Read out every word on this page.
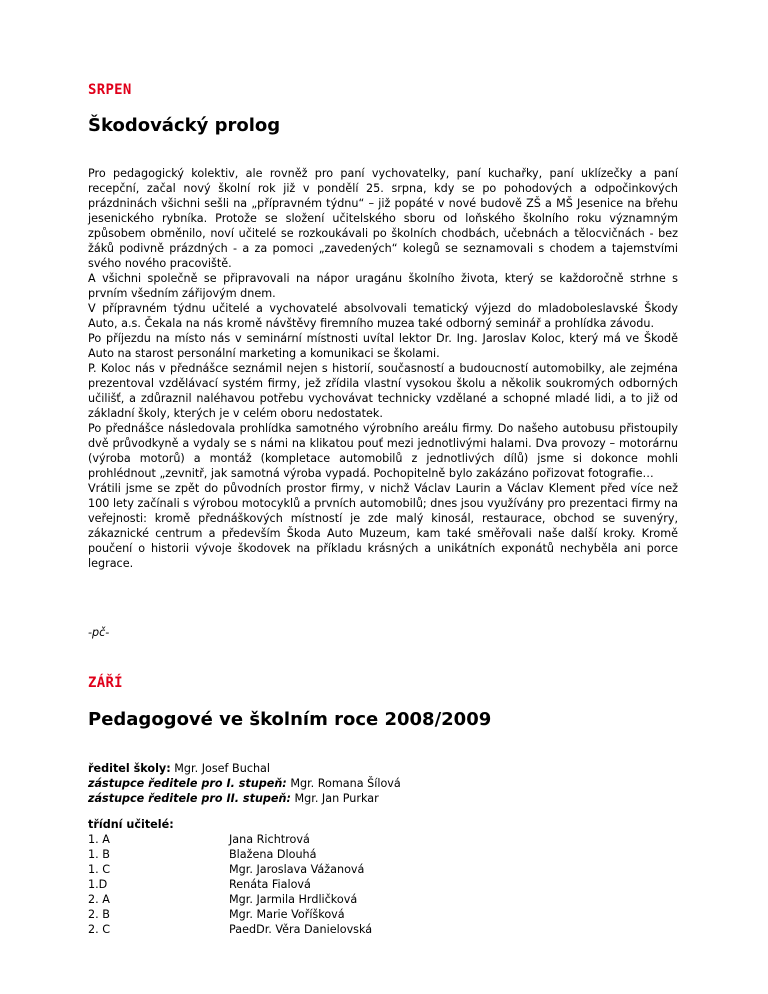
SRPEN
Škodovácký prolog

Pro pedagogický kolektiv, ale rovněž pro paní vychovatelky, paní kuchařky, paní uklízečky a paní recepční, začal nový školní rok již v pondělí 25. srpna, kdy se po pohodových a odpočinkových prázdninách všichni sešli na „přípravném týdnu“ – již popáté v nové budově ZŠ a MŠ Jesenice na břehu jesenického rybníka. Protože se složení učitelského sboru od loňského školního roku významným způsobem obměnilo, noví učitelé se rozkoukávali po školních chodbách, učebnách a tělocvičnách - bez žáků podivně prázdných - a za pomoci „zavedených“ kolegů se seznamovali s chodem a tajemstvími svého nového pracoviště.

A všichni společně se připravovali na nápor uragánu školního života, který se každoročně strhne s prvním všedním zářijovým dnem.

V přípravném týdnu učitelé a vychovatelé absolvovali tematický výjezd do mladoboleslavské Škody Auto, a.s. Čekala na nás kromě návštěvy firemního muzea také odborný seminář a prohlídka závodu.

Po příjezdu na místo nás v seminární místnosti uvítal lektor Dr. Ing. Jaroslav Koloc, který má ve Škodě Auto na starost personální marketing a komunikaci se školami.

P. Koloc nás v přednášce seznámil nejen s historií, současností a budoucností automobilky, ale zejména prezentoval vzdělávací systém firmy, jež zřídila vlastní vysokou školu a několik soukromých odborných učilišť, a zdůraznil naléhavou potřebu vychovávat technicky vzdělané a schopné mladé lidi, a to již od základní školy, kterých je v celém oboru nedostatek.

Po přednášce následovala prohlídka samotného výrobního areálu firmy. Do našeho autobusu přistoupily dvě průvodkyně a vydaly se s námi na klikatou pouť mezi jednotlivými halami. Dva provozy – motorárnu (výroba motorů) a montáž (kompletace automobilů z jednotlivých dílů) jsme si dokonce mohli prohlédnout „zevnitř, jak samotná výroba vypadá. Pochopitelně bylo zakázáno pořizovat fotografie…

Vrátili jsme se zpět do původních prostor firmy, v nichž Václav Laurin a Václav Klement před více než 100 lety začínali s výrobou motocyklů a prvních automobilů; dnes jsou využívány pro prezentaci firmy na veřejnosti: kromě přednáškových místností je zde malý kinosál, restaurace, obchod se suvenýry, zákaznické centrum a především Škoda Auto Muzeum, kam také směřovali naše další kroky. Kromě poučení o historii vývoje škodovek na příkladu krásných a unikátních exponátů nechyběla ani porce legrace.

-pč-
ZÁŘÍ
Pedagogové ve školním roce 2008/2009
ředitel školy: Mgr. Josef Buchal
zástupce ředitele pro I. stupeň: Mgr. Romana Šílová
zástupce ředitele pro II. stupeň: Mgr. Jan Purkar
třídní učitelé:
1. A	Jana Richtrová
1. B	Blažena Dlouhá
1. C	Mgr. Jaroslava Vážanová
1.D	Renáta Fialová
2. A	Mgr. Jarmila Hrdličková
2. B	Mgr. Marie Voříšková
2. C	PaedDr. Věra Danielovská
